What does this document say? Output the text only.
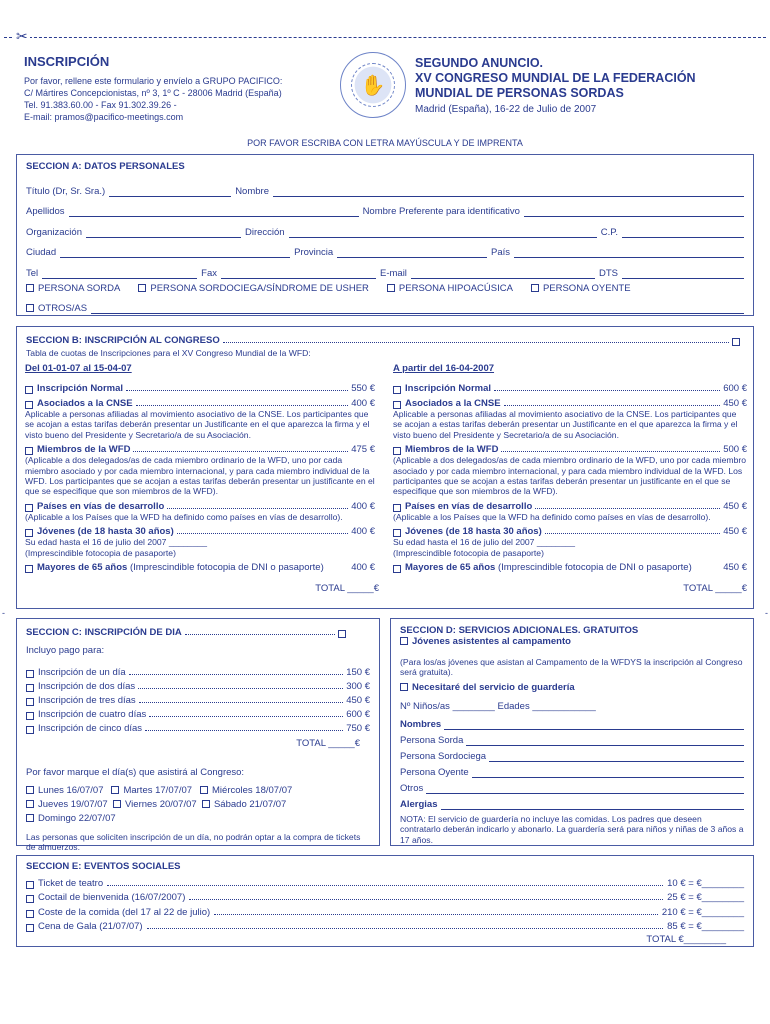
✂
INSCRIPCIÓN

Por favor, rellene este formulario y envíelo a GRUPO PACIFICO:

C/ Mártires Concepcionistas, nº 3, 1º C - 28006 Madrid (España)

Tel. 91.383.60.00 - Fax 91.302.39.26 -

E-mail: pramos@pacifico-meetings.com

✋
SEGUNDO ANUNCIO.
XV CONGRESO MUNDIAL DE LA FEDERACIÓN
MUNDIAL DE PERSONAS SORDAS
Madrid (España), 16-22 de Julio de 2007
POR FAVOR ESCRIBA CON LETRA MAYÚSCULA Y DE IMPRENTA
SECCION A: DATOS PERSONALES
Título (Dr, Sr. Sra.)	Nombre
Apellidos	Nombre Preferente para identificativo
Organización	Dirección	C.P.
Ciudad	Provincia	País
Tel	Fax	E-mail	DTS
PERSONA SORDA	PERSONA SORDOCIEGA/SÍNDROME DE USHER	PERSONA HIPOACÚSICA	PERSONA OYENTE
OTROS/AS
-	-
SECCION B: INSCRIPCIÓN AL CONGRESO
Tabla de cuotas de Inscripciones para el XV Congreso Mundial de la WFD:
Del 01-01-07 al 15-04-07
Inscripción Normal	550 €
Asociados a la CNSE	400 €
Aplicable a personas afiliadas al movimiento asociativo de la CNSE. Los participantes que se acojan a estas tarifas deberán presentar un Justificante en el que aparezca la firma y el visto bueno del Presidente y Secretario/a de su Asociación.
Miembros de la WFD	475 €
(Aplicable a dos delegados/as de cada miembro ordinario de la WFD, uno por cada miembro asociado y por cada miembro internacional, y para cada miembro individual de la WFD. Los participantes que se acojan a estas tarifas deberán presentar un justificante en el que se especifique que son miembros de la WFD).
Países en vías de desarrollo	400 €
(Aplicable a los Países que la WFD ha definido como países en vías de desarrollo).
Jóvenes (de 18 hasta 30 años)	400 €
Su edad hasta el 16 de julio del 2007 ________
(Imprescindible fotocopia de pasaporte)
Mayores de 65 años
(Imprescindible fotocopia de DNI o pasaporte)	400 €
TOTAL _____€
A partir del 16-04-2007
Inscripción Normal	600 €
Asociados a la CNSE	450 €
Aplicable a personas afiliadas al movimiento asociativo de la CNSE. Los participantes que se acojan a estas tarifas deberán presentar un Justificante en el que aparezca la firma y el visto bueno del Presidente y Secretario/a de su Asociación.
Miembros de la WFD	500 €
(Aplicable a dos delegados/as de cada miembro ordinario de la WFD, uno por cada miembro asociado y por cada miembro internacional, y para cada miembro individual de la WFD. Los participantes que se acojan a estas tarifas deberán presentar un justificante en el que se especifique que son miembros de la WFD).
Países en vías de desarrollo	450 €
(Aplicable a los Países que la WFD ha definido como países en vías de desarrollo).
Jóvenes (de 18 hasta 30 años)	450 €
Su edad hasta el 16 de julio del 2007 ________
(Imprescindible fotocopia de pasaporte)
Mayores de 65 años
(Imprescindible fotocopia de DNI o pasaporte)	450 €
TOTAL _____€
SECCION C: INSCRIPCIÓN DE DIA
Incluyo pago para:
Inscripción de un día	150 €
Inscripción de dos días	300 €
Inscripción de tres días	450 €
Inscripción de cuatro días	600 €
Inscripción de cinco días	750 €
TOTAL _____€
Por favor marque el día(s) que asistirá al Congreso:
Lunes 16/07/07 Martes 17/07/07 Miércoles 18/07/07
Jueves 19/07/07 Viernes 20/07/07 Sábado 21/07/07
Domingo 22/07/07
Las personas que soliciten inscripción de un día, no podrán optar a la compra de tickets de almuerzos.
SECCION D: SERVICIOS ADICIONALES. GRATUITOS
Jóvenes asistentes al campamento
(Para los/as jóvenes que asistan al Campamento de la WFDYS la inscripción al Congreso será gratuita).
Necesitaré del servicio de guardería
Nº Niños/as ________ Edades ____________
Nombres
Persona Sorda
Persona Sordociega
Persona Oyente
Otros
Alergias
NOTA: El servicio de guardería no incluye las comidas. Los padres que deseen contratarlo deberán indicarlo y abonarlo. La guardería será para niños y niñas de 3 años a 17 años.
SECCION E: EVENTOS SOCIALES
Ticket de teatro	10 € = €________
Coctail de bienvenida (16/07/2007)	25 € = €________
Coste de la comida (del 17 al 22 de julio)	210 € = €________
Cena de Gala (21/07/07)	85 € = €________
TOTAL €________
